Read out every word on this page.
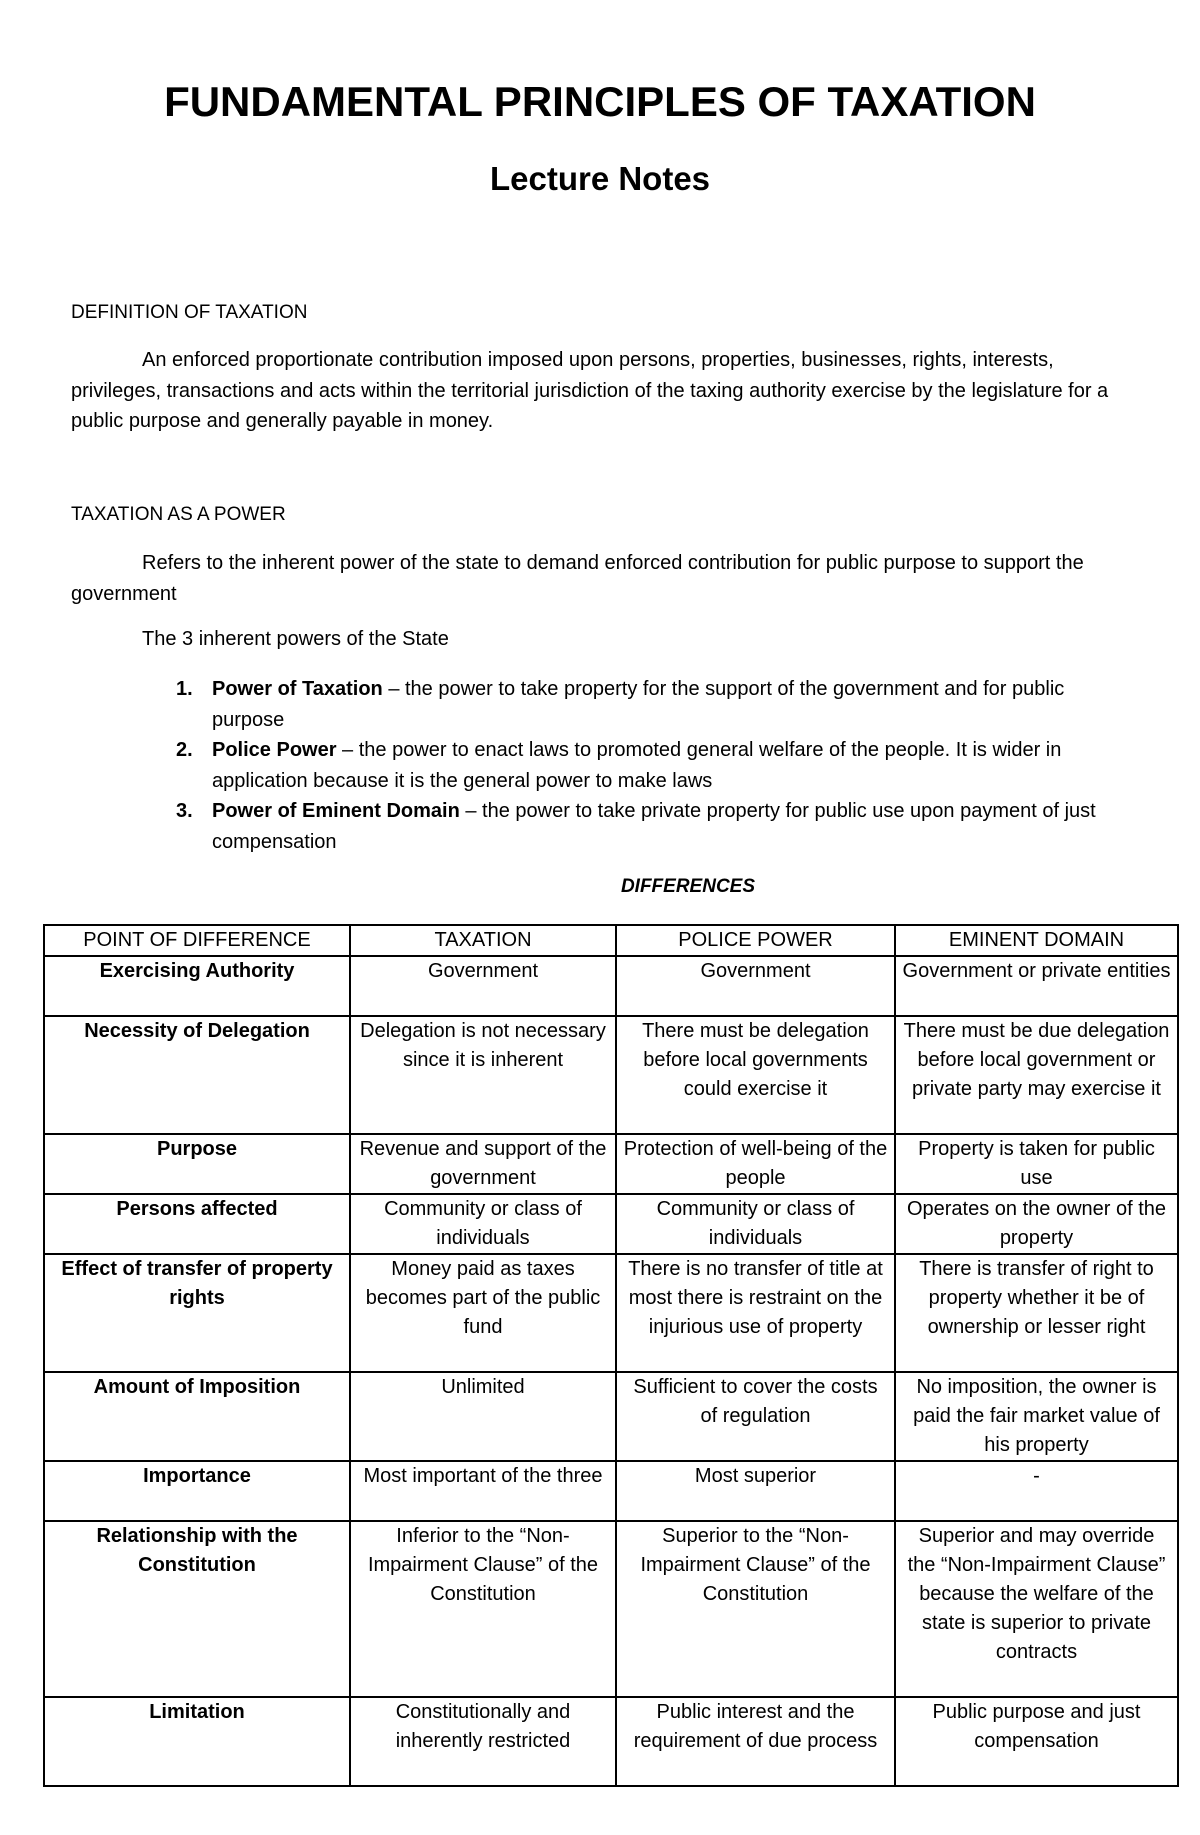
FUNDAMENTAL PRINCIPLES OF TAXATION
Lecture Notes
DEFINITION OF TAXATION
An enforced proportionate contribution imposed upon persons, properties, businesses, rights, interests, privileges, transactions and acts within the territorial jurisdiction of the taxing authority exercise by the legislature for a public purpose and generally payable in money.
TAXATION AS A POWER
Refers to the inherent power of the state to demand enforced contribution for public purpose to support the government
The 3 inherent powers of the State
1. Power of Taxation – the power to take property for the support of the government and for public purpose
2. Police Power – the power to enact laws to promoted general welfare of the people. It is wider in application because it is the general power to make laws
3. Power of Eminent Domain – the power to take private property for public use upon payment of just compensation
DIFFERENCES
POINT OF DIFFERENCE	TAXATION	POLICE POWER	EMINENT DOMAIN
Exercising Authority	Government	Government	Government or private entities
Necessity of Delegation	Delegation is not necessary since it is inherent	There must be delegation before local governments could exercise it	There must be due delegation before local government or private party may exercise it
Purpose	Revenue and support of the government	Protection of well-being of the people	Property is taken for public use
Persons affected	Community or class of individuals	Community or class of individuals	Operates on the owner of the property
Effect of transfer of property rights	Money paid as taxes becomes part of the public fund	There is no transfer of title at most there is restraint on the injurious use of property	There is transfer of right to property whether it be of ownership or lesser right
Amount of Imposition	Unlimited	Sufficient to cover the costs of regulation	No imposition, the owner is paid the fair market value of his property
Importance	Most important of the three	Most superior	-
Relationship with the Constitution	Inferior to the “Non-Impairment Clause” of the Constitution	Superior to the “Non-Impairment Clause” of the Constitution	Superior and may override the “Non-Impairment Clause” because the welfare of the state is superior to private contracts
Limitation	Constitutionally and inherently restricted	Public interest and the requirement of due process	Public purpose and just compensation
